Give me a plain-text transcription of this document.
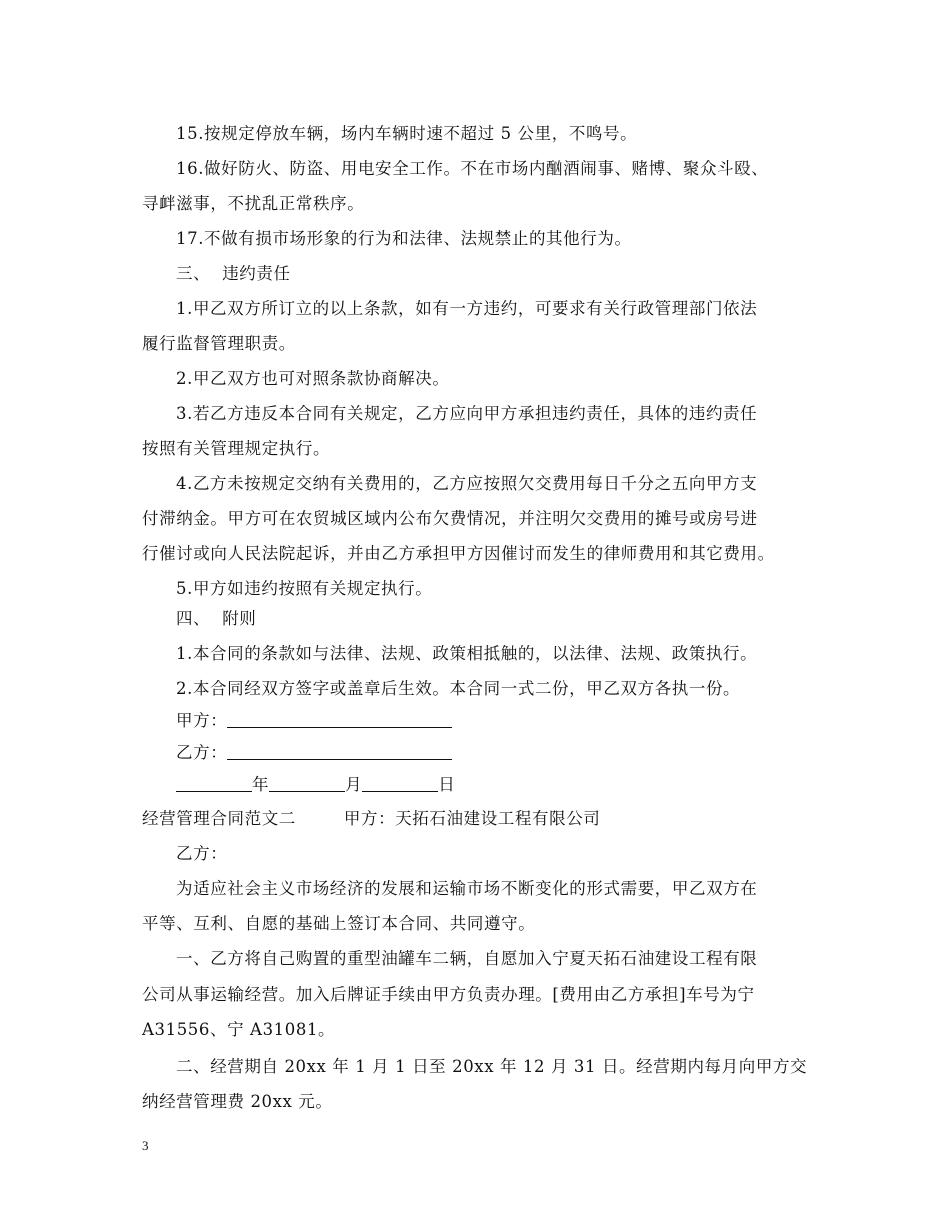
15.按规定停放车辆，场内车辆时速不超过 5 公里，不鸣号。
16.做好防火、防盗、用电安全工作。不在市场内酗酒闹事、赌博、聚众斗殴、
寻衅滋事，不扰乱正常秩序。
17.不做有损市场形象的行为和法律、法规禁止的其他行为。
三、 违约责任
1.甲乙双方所订立的以上条款，如有一方违约，可要求有关行政管理部门依法
履行监督管理职责。
2.甲乙双方也可对照条款协商解决。
3.若乙方违反本合同有关规定，乙方应向甲方承担违约责任，具体的违约责任
按照有关管理规定执行。
4.乙方未按规定交纳有关费用的，乙方应按照欠交费用每日千分之五向甲方支
付滞纳金。甲方可在农贸城区域内公布欠费情况，并注明欠交费用的摊号或房号进
行催讨或向人民法院起诉，并由乙方承担甲方因催讨而发生的律师费用和其它费用。
5.甲方如违约按照有关规定执行。
四、 附则
1.本合同的条款如与法律、法规、政策相抵触的，以法律、法规、政策执行。
2.本合同经双方签字或盖章后生效。本合同一式二份，甲乙双方各执一份。
甲方：
乙方：
年	月	日
经营管理合同范文二	甲方：天拓石油建设工程有限公司
乙方：
为适应社会主义市场经济的发展和运输市场不断变化的形式需要，甲乙双方在
平等、互利、自愿的基础上签订本合同、共同遵守。
一、乙方将自己购置的重型油罐车二辆，自愿加入宁夏天拓石油建设工程有限
公司从事运输经营。加入后牌证手续由甲方负责办理。[费用由乙方承担]车号为宁
A31556、宁 A31081。
二、经营期自 20xx 年 1 月 1 日至 20xx 年 12 月 31 日。经营期内每月向甲方交
纳经营管理费 20xx 元。
3
